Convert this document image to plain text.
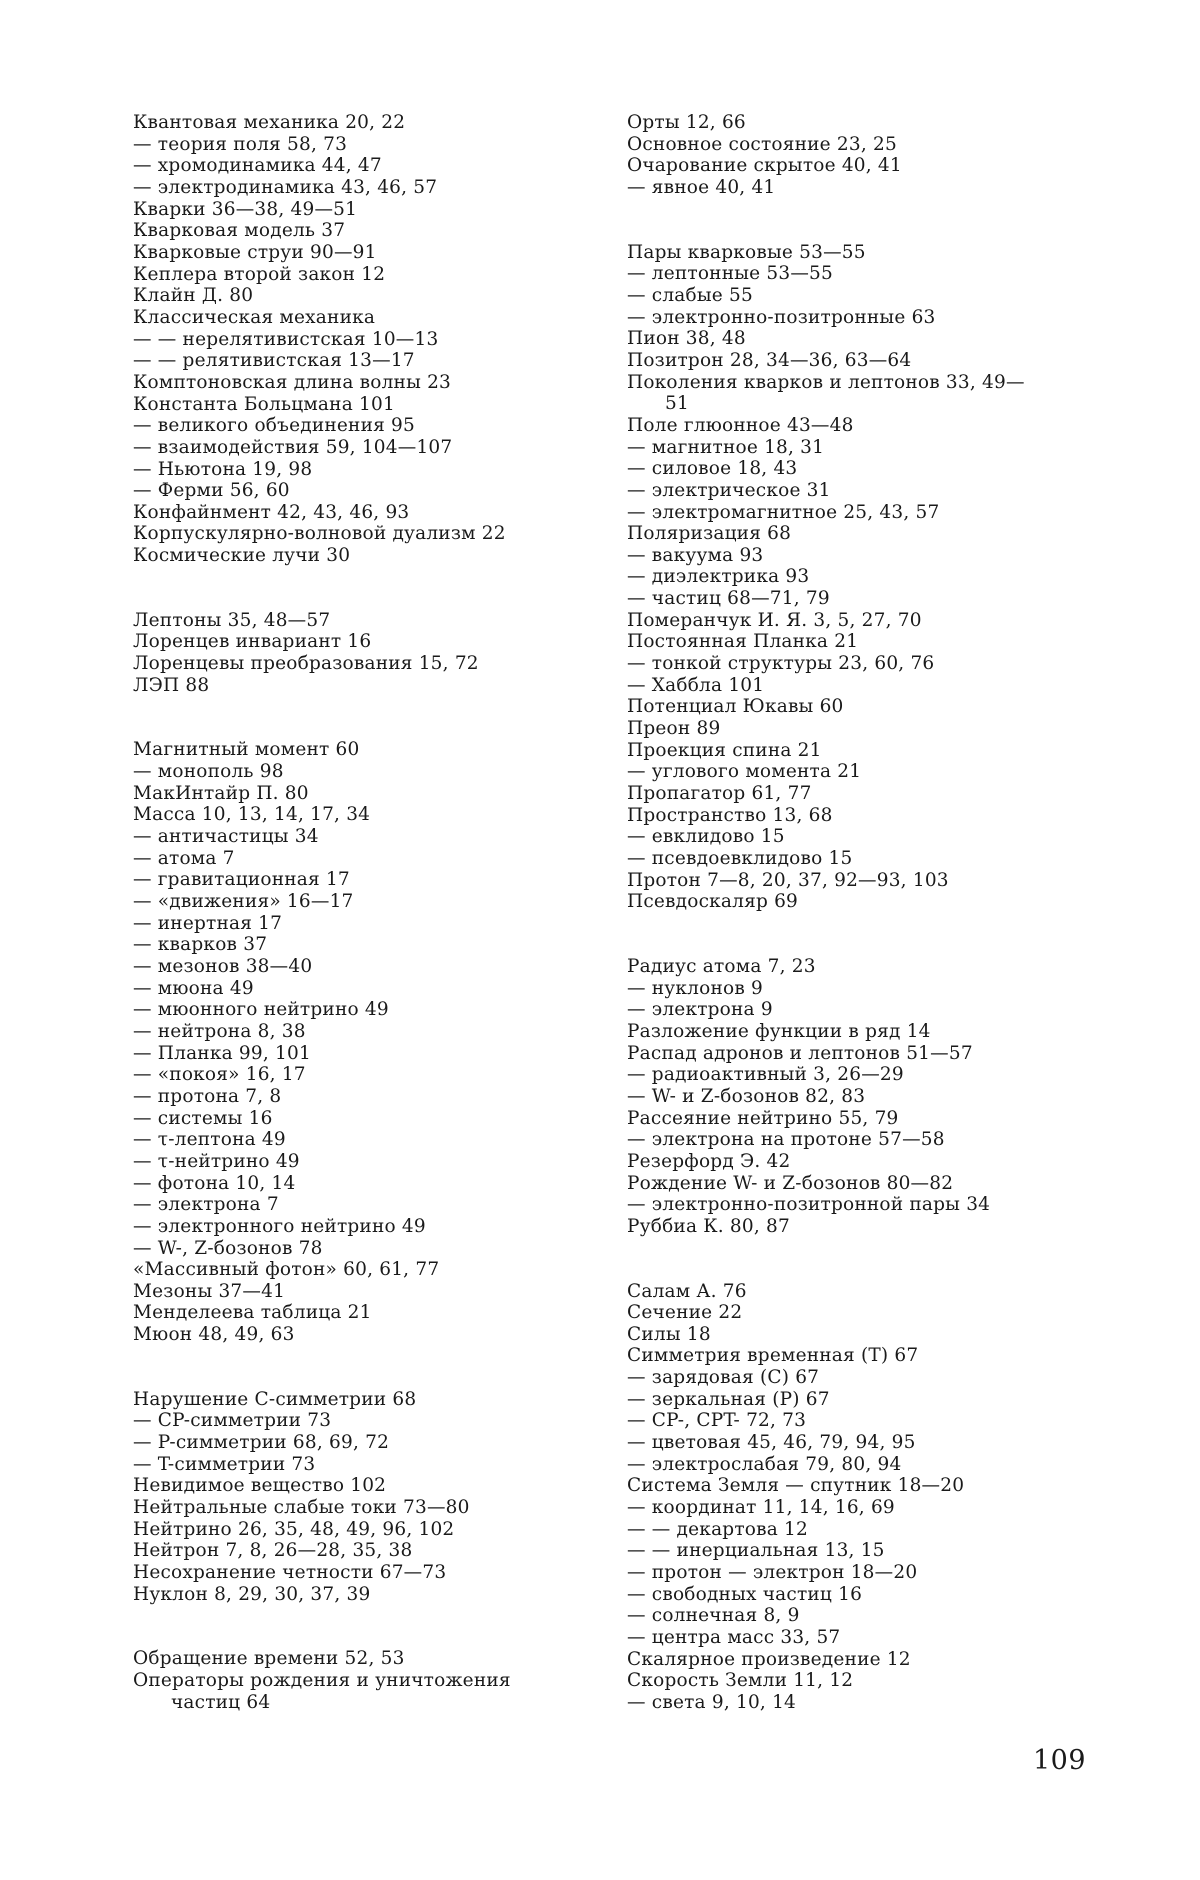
Квантовая механика 20, 22
— теория поля 58, 73
— хромодинамика 44, 47
— электродинамика 43, 46, 57
Кварки 36—38, 49—51
Кварковая модель 37
Кварковые струи 90—91
Кеплера второй закон 12
Клайн Д. 80
Классическая механика
— — нерелятивистская 10—13
— — релятивистская 13—17
Комптоновская длина волны 23
Константа Больцмана 101
— великого объединения 95
— взаимодействия 59, 104—107
— Ньютона 19, 98
— Ферми 56, 60
Конфайнмент 42, 43, 46, 93
Корпускулярно-волновой дуализм 22
Космические лучи 30
Лептоны 35, 48—57
Лоренцев инвариант 16
Лоренцевы преобразования 15, 72
ЛЭП 88
Магнитный момент 60
— монополь 98
МакИнтайр П. 80
Масса 10, 13, 14, 17, 34
— античастицы 34
— атома 7
— гравитационная 17
— «движения» 16—17
— инертная 17
— кварков 37
— мезонов 38—40
— мюона 49
— мюонного нейтрино 49
— нейтрона 8, 38
— Планка 99, 101
— «покоя» 16, 17
— протона 7, 8
— системы 16
— τ-лептона 49
— τ-нейтрино 49
— фотона 10, 14
— электрона 7
— электронного нейтрино 49
— W-, Z-бозонов 78
«Массивный фотон» 60, 61, 77
Мезоны 37—41
Менделеева таблица 21
Мюон 48, 49, 63
Нарушение C-симметрии 68
— CP-симметрии 73
— P-симметрии 68, 69, 72
— T-симметрии 73
Невидимое вещество 102
Нейтральные слабые токи 73—80
Нейтрино 26, 35, 48, 49, 96, 102
Нейтрон 7, 8, 26—28, 35, 38
Несохранение четности 67—73
Нуклон 8, 29, 30, 37, 39
Обращение времени 52, 53
Операторы рождения и уничтожения
частиц 64
Орты 12, 66
Основное состояние 23, 25
Очарование скрытое 40, 41
— явное 40, 41
Пары кварковые 53—55
— лептонные 53—55
— слабые 55
— электронно-позитронные 63
Пион 38, 48
Позитрон 28, 34—36, 63—64
Поколения кварков и лептонов 33, 49—
51
Поле глюонное 43—48
— магнитное 18, 31
— силовое 18, 43
— электрическое 31
— электромагнитное 25, 43, 57
Поляризация 68
— вакуума 93
— диэлектрика 93
— частиц 68—71, 79
Померанчук И. Я. 3, 5, 27, 70
Постоянная Планка 21
— тонкой структуры 23, 60, 76
— Хаббла 101
Потенциал Юкавы 60
Преон 89
Проекция спина 21
— углового момента 21
Пропагатор 61, 77
Пространство 13, 68
— евклидово 15
— псевдоевклидово 15
Протон 7—8, 20, 37, 92—93, 103
Псевдоскаляр 69
Радиус атома 7, 23
— нуклонов 9
— электрона 9
Разложение функции в ряд 14
Распад адронов и лептонов 51—57
— радиоактивный 3, 26—29
— W- и Z-бозонов 82, 83
Рассеяние нейтрино 55, 79
— электрона на протоне 57—58
Резерфорд Э. 42
Рождение W- и Z-бозонов 80—82
— электронно-позитронной пары 34
Руббиа К. 80, 87
Салам А. 76
Сечение 22
Силы 18
Симметрия временная (T) 67
— зарядовая (C) 67
— зеркальная (P) 67
— CP-, CPT- 72, 73
— цветовая 45, 46, 79, 94, 95
— электрослабая 79, 80, 94
Система Земля — спутник 18—20
— координат 11, 14, 16, 69
— — декартова 12
— — инерциальная 13, 15
— протон — электрон 18—20
— свободных частиц 16
— солнечная 8, 9
— центра масс 33, 57
Скалярное произведение 12
Скорость Земли 11, 12
— света 9, 10, 14
109
